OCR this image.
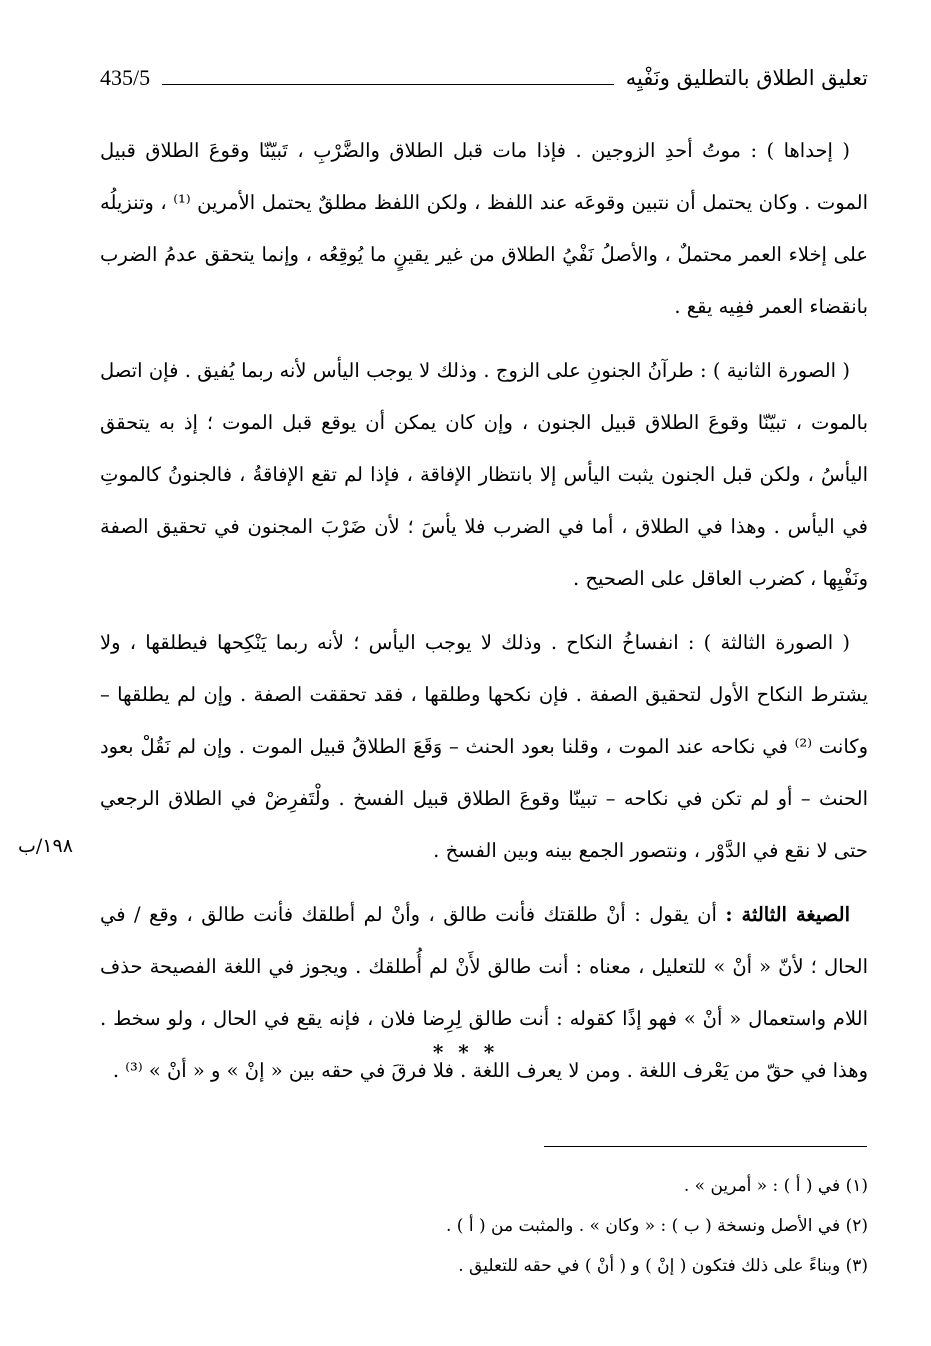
تعليق الطلاق بالتطليق ونَفْيِه
435/5

( إحداها ) : موتُ أحدِ الزوجين . فإذا مات قبل الطلاق والضَّرْبِ ، تَبيّنّا وقوعَ الطلاق قبيل الموت . وكان يحتمل أن نتبين وقوعَه عند اللفظ ، ولكن اللفظ مطلقٌ يحتمل الأمرين ⁽¹⁾ ، وتنزيلُه على إخلاء العمر محتملٌ ، والأصلُ نَفْيُ الطلاق من غير يقينٍ ما يُوقِعُه ، وإنما يتحقق عدمُ الضرب بانقضاء العمر ففِيه يقع .

( الصورة الثانية ) : طرآنُ الجنونِ على الزوج . وذلك لا يوجب اليأس لأنه ربما يُفيق . فإن اتصل بالموت ، تبيّنّا وقوعَ الطلاق قبيل الجنون ، وإن كان يمكن أن يوقع قبل الموت ؛ إذ به يتحقق اليأسُ ، ولكن قبل الجنون يثبت اليأس إلا بانتظار الإفاقة ، فإذا لم تقع الإفاقةُ ، فالجنونُ كالموتِ في اليأس . وهذا في الطلاق ، أما في الضرب فلا يأسَ ؛ لأن ضَرْبَ المجنون في تحقيق الصفة ونَفْيِها ، كضرب العاقل على الصحيح .

( الصورة الثالثة ) : انفساخُ النكاح . وذلك لا يوجب اليأس ؛ لأنه ربما يَنْكِحها فيطلقها ، ولا يشترط النكاح الأول لتحقيق الصفة . فإن نكحها وطلقها ، فقد تحققت الصفة . وإن لم يطلقها – وكانت ⁽²⁾ في نكاحه عند الموت ، وقلنا بعود الحنث – وَقَعَ الطلاقُ قبيل الموت . وإن لم نَقُلْ بعود الحنث – أو لم تكن في نكاحه – تبينّا وقوعَ الطلاق قبيل الفسخ . ولْتَفرِضْ في الطلاق الرجعي حتى لا نقع في الدَّوْر ، ونتصور الجمع بينه وبين الفسخ .

الصيغة الثالثة : أن يقول : أنْ طلقتك فأنت طالق ، وأنْ لم أطلقك فأنت طالق ، وقع / في الحال ؛ لأنّ « أنْ » للتعليل ، معناه : أنت طالق لأَنْ لم أُطلقك . ويجوز في اللغة الفصيحة حذف اللام واستعمال « أنْ » فهو إذًا كقوله : أنت طالق لِرِضا فلان ، فإنه يقع في الحال ، ولو سخط . وهذا في حقّ من يَعْرف اللغة . ومن لا يعرف اللغة . فلا فرقَ في حقه بين « إنْ » و « أنْ » ⁽³⁾ .

١٩٨/ب
* * *
(١) في ( أ ) : « أمرين » .
(٢) في الأصل ونسخة ( ب ) : « وكان » . والمثبت من ( أ ) .
(٣) وبناءً على ذلك فتكون ( إنْ ) و ( أنْ ) في حقه للتعليق .
